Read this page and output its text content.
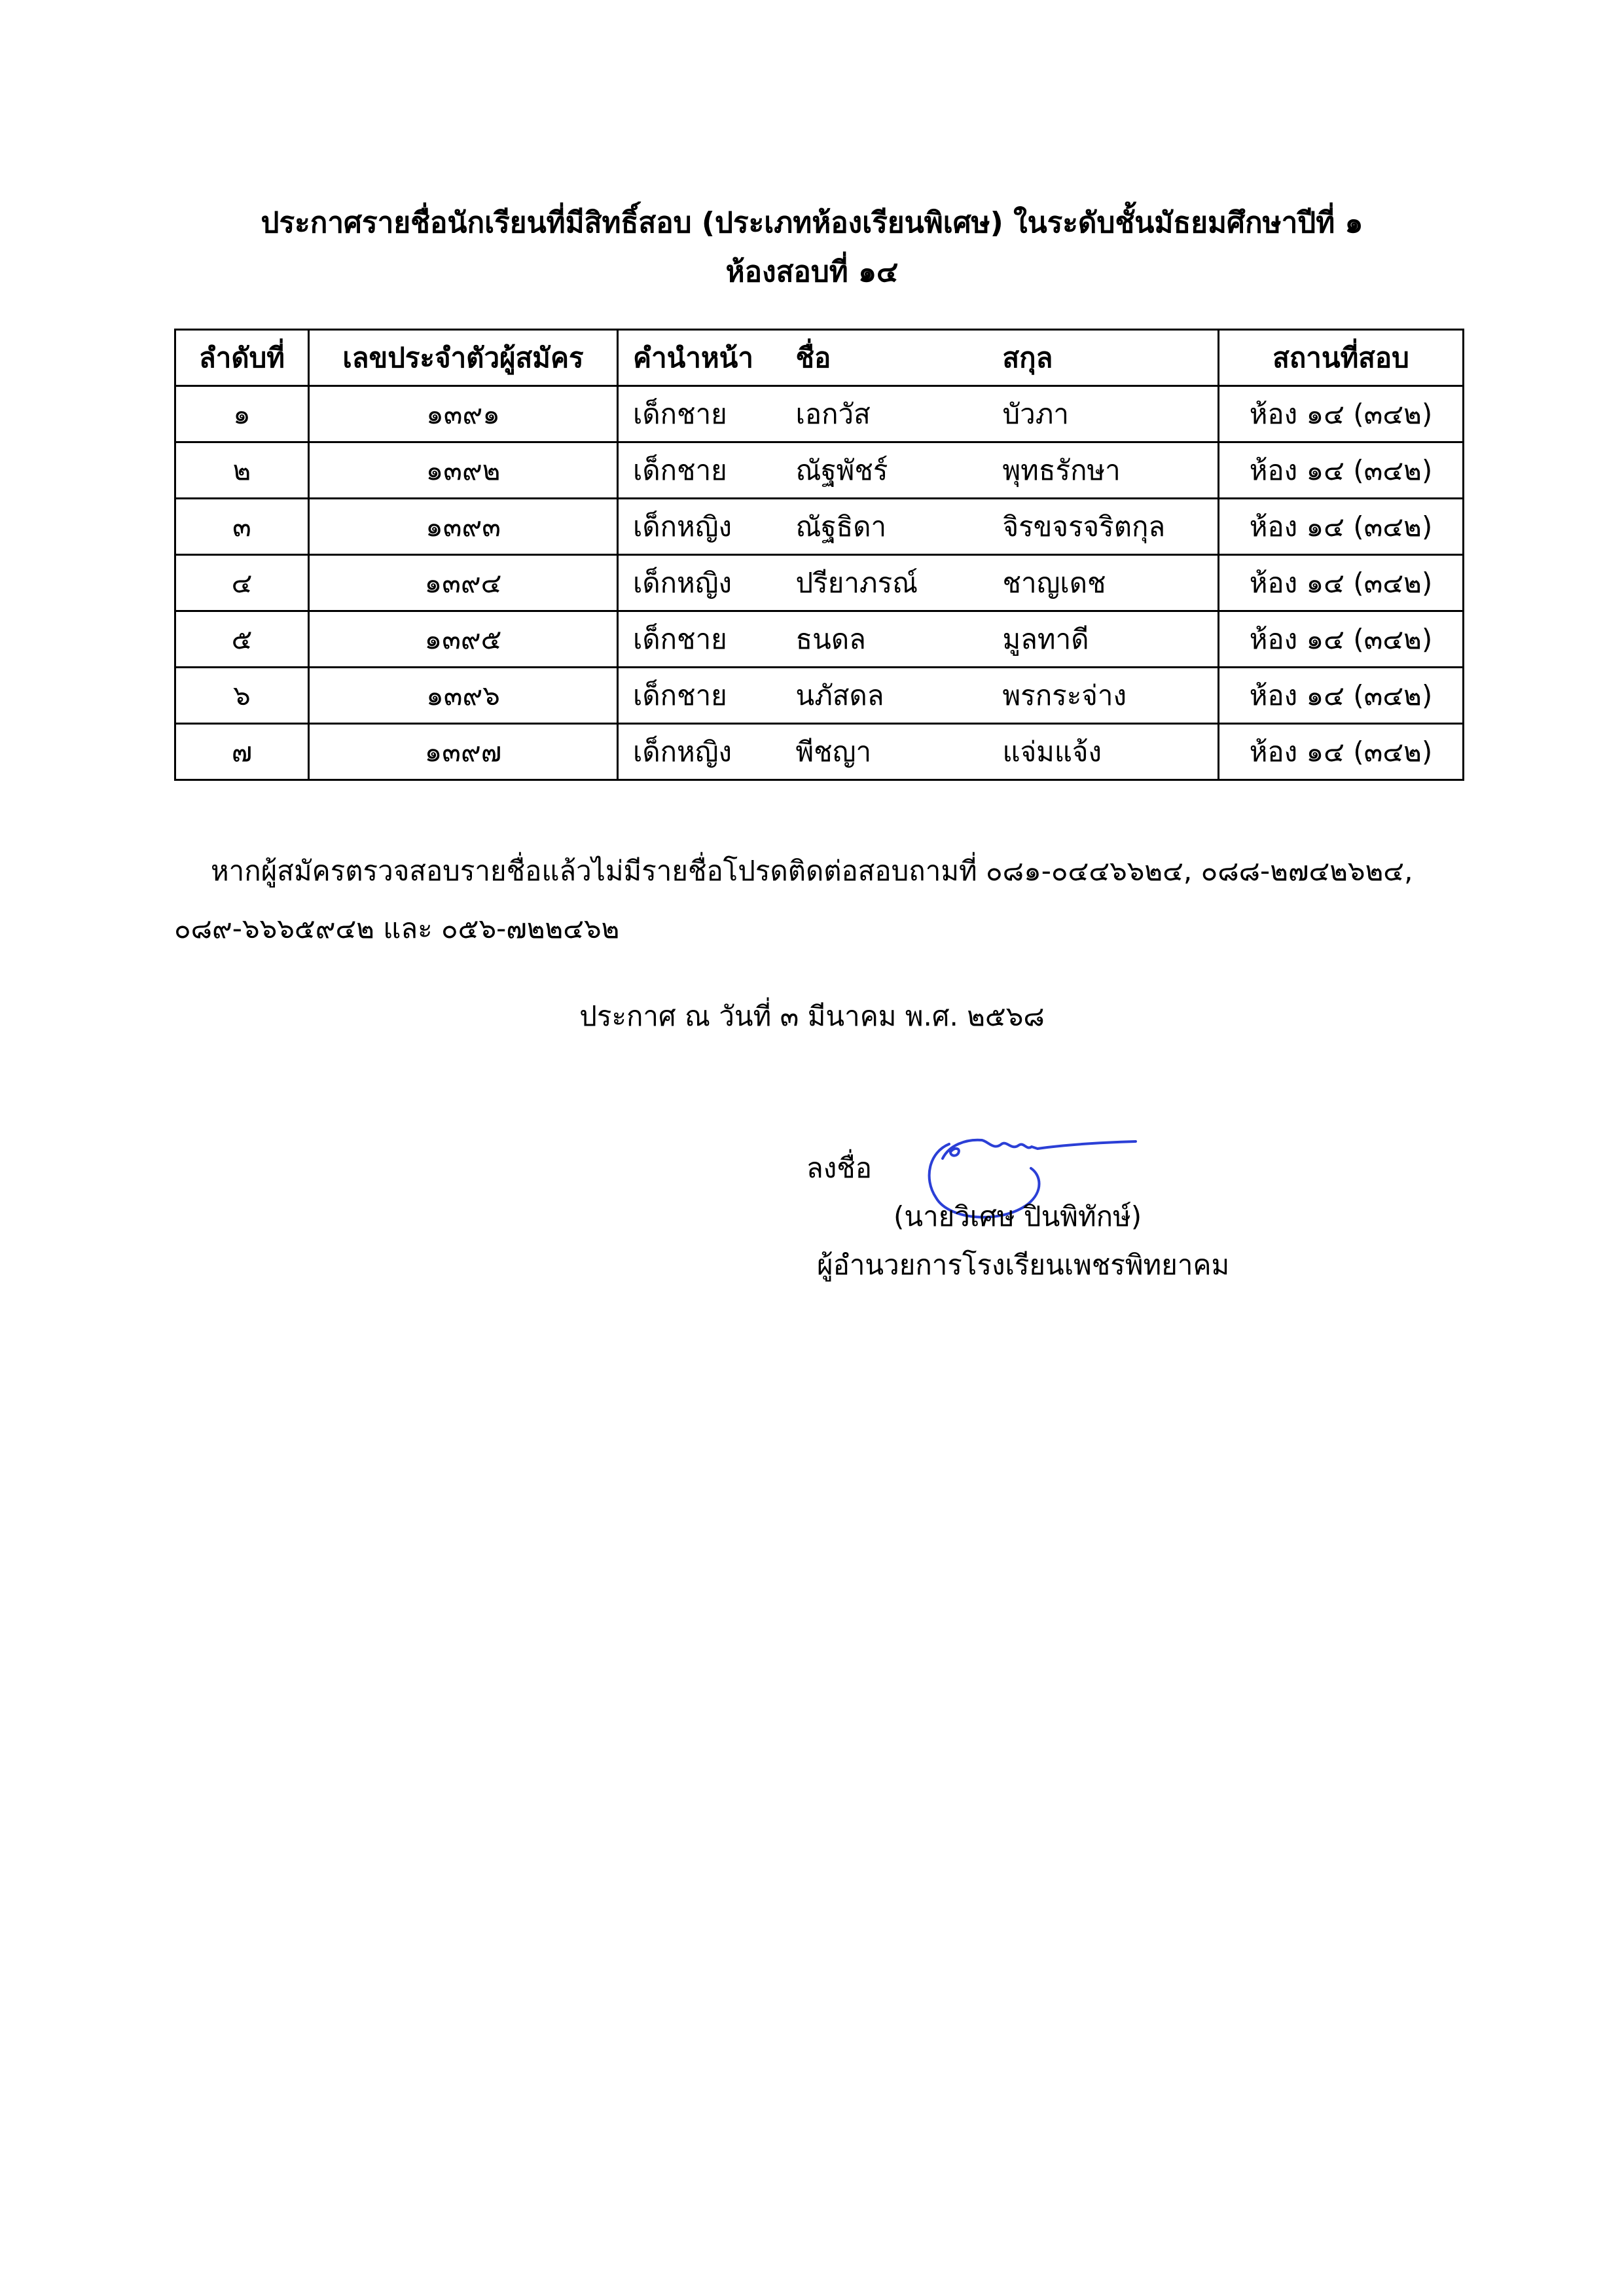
ประกาศรายชื่อนักเรียนที่มีสิทธิ์สอบ (ประเภทห้องเรียนพิเศษ) ในระดับชั้นมัธยมศึกษาปีที่ ๑
ห้องสอบที่ ๑๔
ลำดับที่	เลขประจำตัวผู้สมัคร	คำนำหน้า	ชื่อ	สกุล	สถานที่สอบ
๑	๑๓๙๑	เด็กชาย	เอกวัส	บัวภา	ห้อง ๑๔ (๓๔๒)
๒	๑๓๙๒	เด็กชาย	ณัฐพัชร์	พุทธรักษา	ห้อง ๑๔ (๓๔๒)
๓	๑๓๙๓	เด็กหญิง	ณัฐธิดา	จิรขจรจริตกุล	ห้อง ๑๔ (๓๔๒)
๔	๑๓๙๔	เด็กหญิง	ปรียาภรณ์	ชาญเดช	ห้อง ๑๔ (๓๔๒)
๕	๑๓๙๕	เด็กชาย	ธนดล	มูลทาดี	ห้อง ๑๔ (๓๔๒)
๖	๑๓๙๖	เด็กชาย	นภัสดล	พรกระจ่าง	ห้อง ๑๔ (๓๔๒)
๗	๑๓๙๗	เด็กหญิง	พีชญา	แจ่มแจ้ง	ห้อง ๑๔ (๓๔๒)
หากผู้สมัครตรวจสอบรายชื่อแล้วไม่มีรายชื่อโปรดติดต่อสอบถามที่ ๐๘๑-๐๔๔๖๖๒๔, ๐๘๘-๒๗๔๒๖๒๔,
๐๘๙-๖๖๖๕๙๔๒ และ ๐๕๖-๗๒๒๔๖๒
ประกาศ ณ วันที่ ๓ มีนาคม พ.ศ. ๒๕๖๘
ลงชื่อ
(นายวิเศษ ปินพิทักษ์)
ผู้อำนวยการโรงเรียนเพชรพิทยาคม
